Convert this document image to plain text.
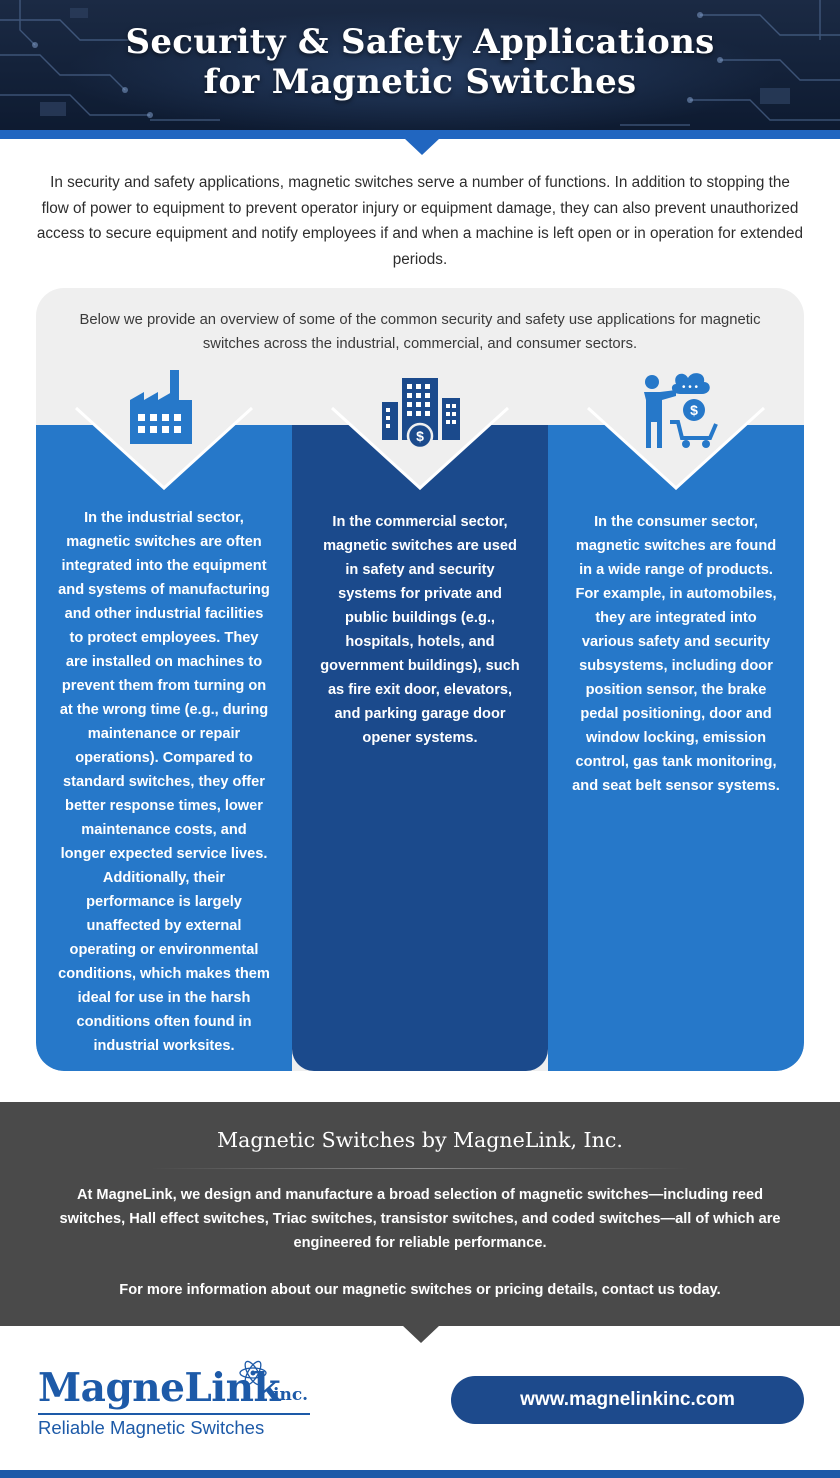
Security & Safety Applications
for Magnetic Switches
In security and safety applications, magnetic switches serve a number of functions. In addition to stopping the flow of power to equipment to prevent operator injury or equipment damage, they can also prevent unauthorized access to secure equipment and notify employees if and when a machine is left open or in operation for extended periods.
Below we provide an overview of some of the common security and safety use applications for magnetic switches across the industrial, commercial, and consumer sectors.
$
• • •
$
In the industrial sector, magnetic switches are often integrated into the equipment and systems of manufacturing and other industrial facilities to protect employees. They are installed on machines to prevent them from turning on at the wrong time (e.g., during maintenance or repair operations). Compared to standard switches, they offer better response times, lower maintenance costs, and longer expected service lives. Additionally, their performance is largely unaffected by external operating or environmental conditions, which makes them ideal for use in the harsh conditions often found in industrial worksites.
In the commercial sector, magnetic switches are used in safety and security systems for private and public buildings (e.g., hospitals, hotels, and government buildings), such as fire exit door, elevators, and parking garage door opener systems.
In the consumer sector, magnetic switches are found in a wide range of products. For example, in automobiles, they are integrated into various safety and security subsystems, including door position sensor, the brake pedal positioning, door and window locking, emission control, gas tank monitoring, and seat belt sensor systems.
Magnetic Switches by MagneLink, Inc.
At MagneLink, we design and manufacture a broad selection of magnetic switches—including reed switches, Hall effect switches, Triac switches, transistor switches, and coded switches—all of which are engineered for reliable performance.
For more information about our magnetic switches or pricing details, contact us today.
MagneLink
inc.
Reliable Magnetic Switches
www.magnelinkinc.com
